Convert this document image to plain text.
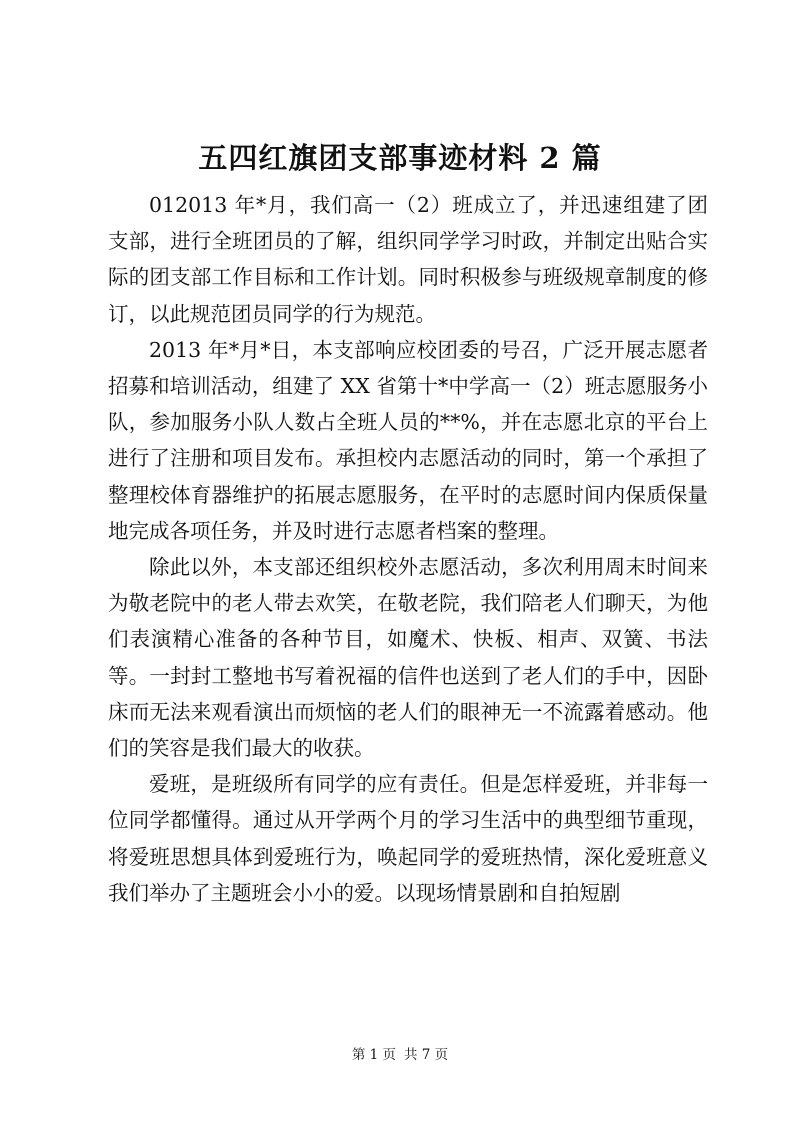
五四红旗团支部事迹材料 2 篇

012013 年*月，我们高一（2）班成立了，并迅速组建了团支部，进行全班团员的了解，组织同学学习时政，并制定出贴合实际的团支部工作目标和工作计划。同时积极参与班级规章制度的修订，以此规范团员同学的行为规范。

2013 年*月*日，本支部响应校团委的号召，广泛开展志愿者招募和培训活动，组建了 XX 省第十*中学高一（2）班志愿服务小队，参加服务小队人数占全班人员的**%，并在志愿北京的平台上进行了注册和项目发布。承担校内志愿活动的同时，第一个承担了整理校体育器维护的拓展志愿服务，在平时的志愿时间内保质保量地完成各项任务，并及时进行志愿者档案的整理。

除此以外，本支部还组织校外志愿活动，多次利用周末时间来为敬老院中的老人带去欢笑，在敬老院，我们陪老人们聊天，为他们表演精心准备的各种节目，如魔术、快板、相声、双簧、书法等。一封封工整地书写着祝福的信件也送到了老人们的手中，因卧床而无法来观看演出而烦恼的老人们的眼神无一不流露着感动。他们的笑容是我们最大的收获。

爱班，是班级所有同学的应有责任。但是怎样爱班，并非每一位同学都懂得。通过从开学两个月的学习生活中的典型细节重现，将爱班思想具体到爱班行为，唤起同学的爱班热情，深化爱班意义我们举办了主题班会小小的爱。以现场情景剧和自拍短剧

第 1 页 共 7 页
